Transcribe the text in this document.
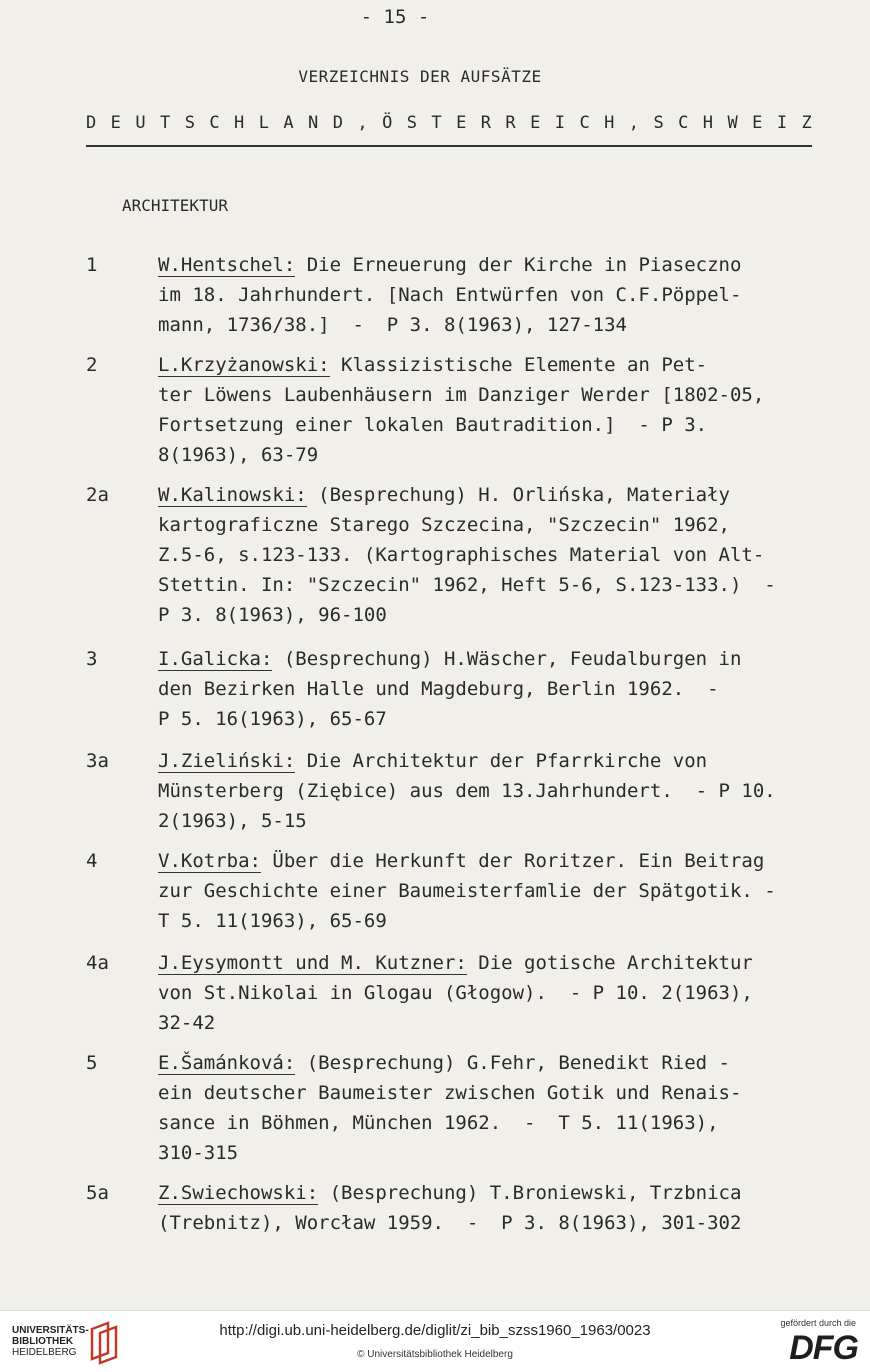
- 15 -
VERZEICHNIS DER AUFSÄTZE
D E U T S C H L A N D , Ö S T E R R E I C H , S C H W E I Z
ARCHITEKTUR
1	W.Hentschel: Die Erneuerung der Kirche in Piaseczno
im 18. Jahrhundert. [Nach Entwürfen von C.F.Pöppel-
mann, 1736/38.]  -  P 3. 8(1963), 127-134
2	L.Krzyżanowski: Klassizistische Elemente an Pet-
ter Löwens Laubenhäusern im Danziger Werder [1802-05,
Fortsetzung einer lokalen Bautradition.]  - P 3.
8(1963), 63-79
2a	W.Kalinowski: (Besprechung) H. Orlińska, Materiały
kartograficzne Starego Szczecina, "Szczecin" 1962,
Z.5-6, s.123-133. (Kartographisches Material von Alt-
Stettin. In: "Szczecin" 1962, Heft 5-6, S.123-133.)  -
P 3. 8(1963), 96-100
3	I.Galicka: (Besprechung) H.Wäscher, Feudalburgen in
den Bezirken Halle und Magdeburg, Berlin 1962.  -
P 5. 16(1963), 65-67
3a	J.Zieliński: Die Architektur der Pfarrkirche von
Münsterberg (Ziębice) aus dem 13.Jahrhundert.  - P 10.
2(1963), 5-15
4	V.Kotrba: Über die Herkunft der Roritzer. Ein Beitrag
zur Geschichte einer Baumeisterfamlie der Spätgotik. -
T 5. 11(1963), 65-69
4a	J.Eysymontt und M. Kutzner: Die gotische Architektur
von St.Nikolai in Glogau (Głogow).  - P 10. 2(1963),
32-42
5	E.Šamánková: (Besprechung) G.Fehr, Benedikt Ried -
ein deutscher Baumeister zwischen Gotik und Renais-
sance in Böhmen, München 1962.  -  T 5. 11(1963),
310-315
5a	Z.Swiechowski: (Besprechung) T.Broniewski, Trzbnica
(Trebnitz), Worcław 1959.  -  P 3. 8(1963), 301-302
UNIVERSITÄTS-
BIBLIOTHEK
HEIDELBERG
http://digi.ub.uni-heidelberg.de/diglit/zi_bib_szss1960_1963/0023
© Universitätsbibliothek Heidelberg
gefördert durch die
DFG
